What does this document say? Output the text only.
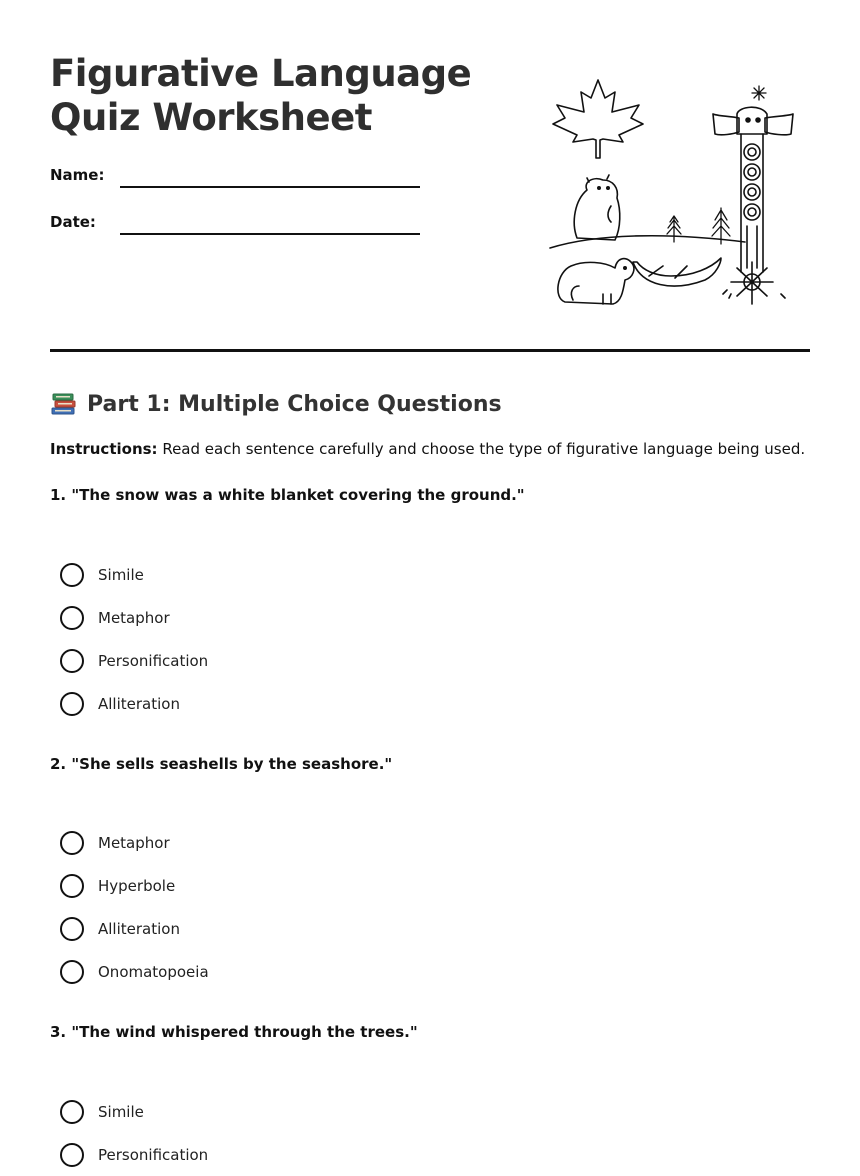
Figurative Language
Quiz Worksheet
Name:
Date:
Part 1: Multiple Choice Questions
Instructions: Read each sentence carefully and choose the type of figurative language being used.
1. "The snow was a white blanket covering the ground."
Simile
Metaphor
Personification
Alliteration
2. "She sells seashells by the seashore."
Metaphor
Hyperbole
Alliteration
Onomatopoeia
3. "The wind whispered through the trees."
Simile
Personification
